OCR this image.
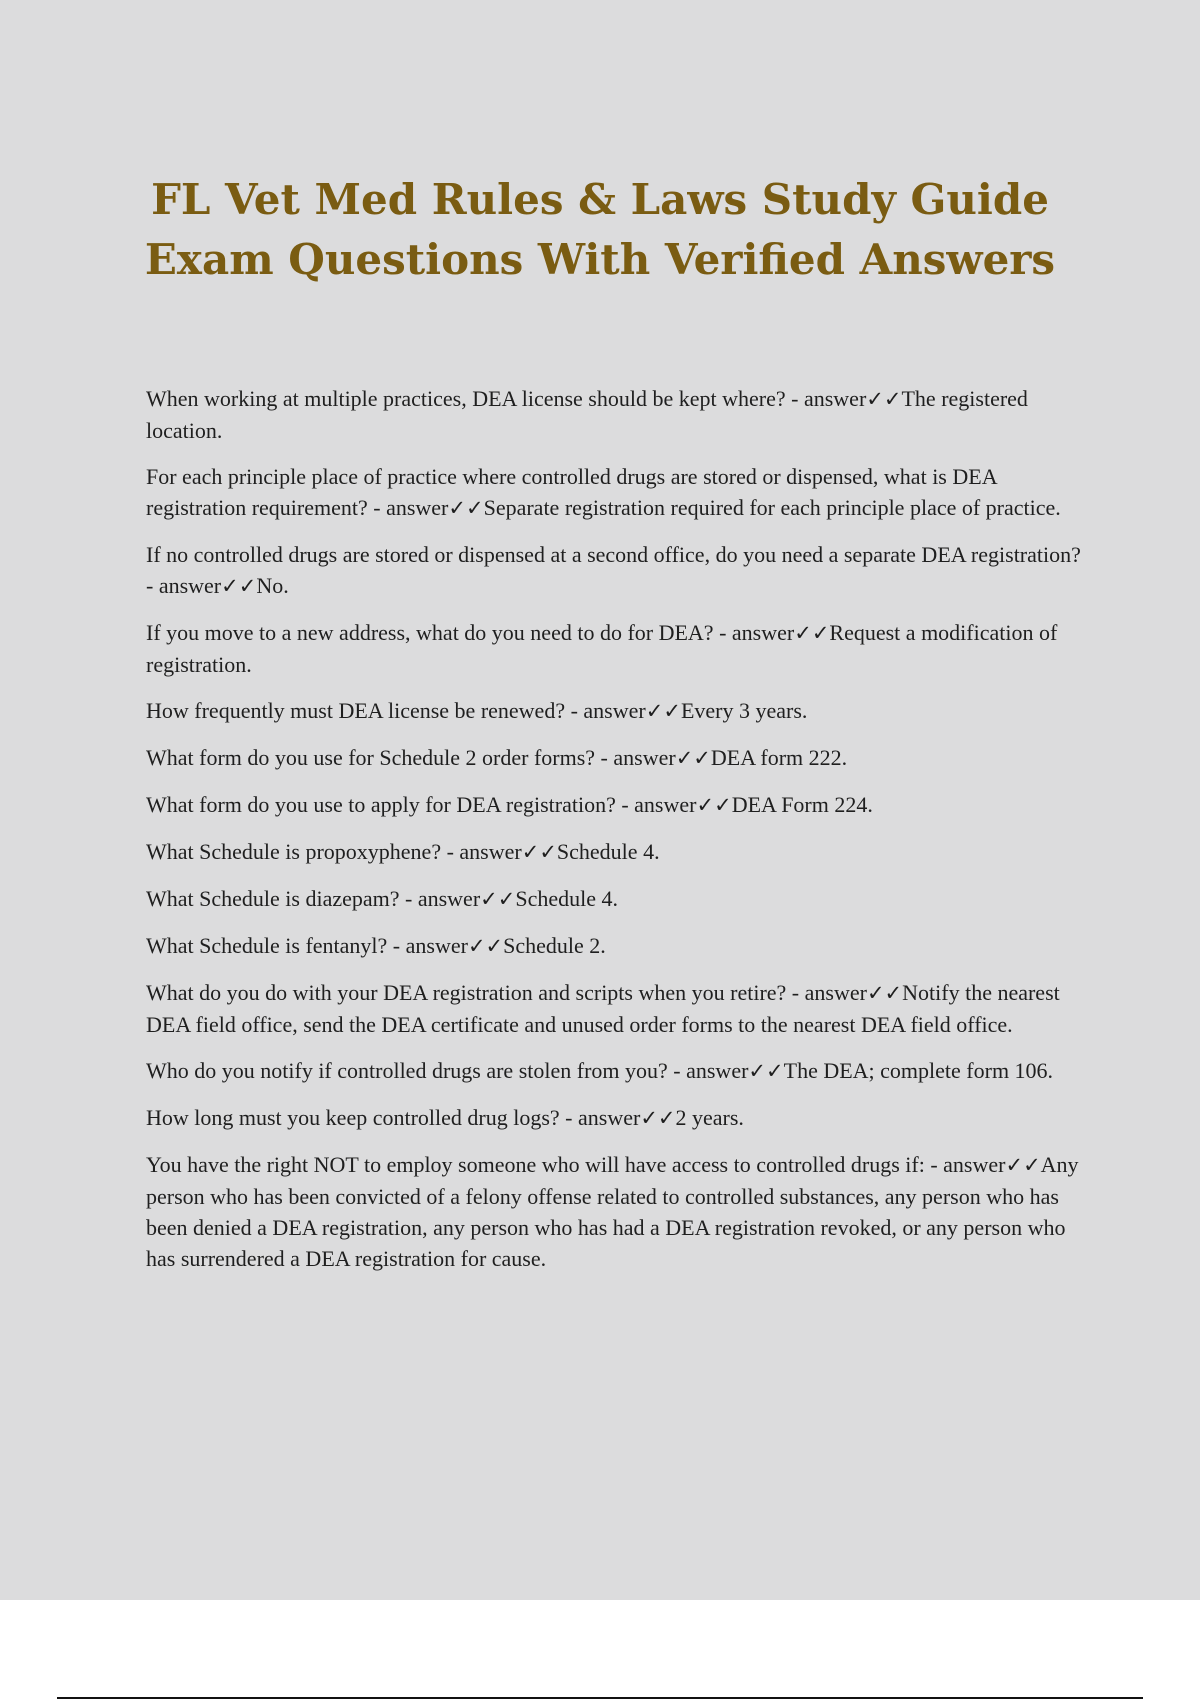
FL Vet Med Rules & Laws Study Guide
Exam Questions With Verified Answers

When working at multiple practices, DEA license should be kept where? - answer✓✓The registered location.

For each principle place of practice where controlled drugs are stored or dispensed, what is DEA registration requirement? - answer✓✓Separate registration required for each principle place of practice.

If no controlled drugs are stored or dispensed at a second office, do you need a separate DEA registration? - answer✓✓No.

If you move to a new address, what do you need to do for DEA? - answer✓✓Request a modification of registration.

How frequently must DEA license be renewed? - answer✓✓Every 3 years.

What form do you use for Schedule 2 order forms? - answer✓✓DEA form 222.

What form do you use to apply for DEA registration? - answer✓✓DEA Form 224.

What Schedule is propoxyphene? - answer✓✓Schedule 4.

What Schedule is diazepam? - answer✓✓Schedule 4.

What Schedule is fentanyl? - answer✓✓Schedule 2.

What do you do with your DEA registration and scripts when you retire? - answer✓✓Notify the nearest DEA field office, send the DEA certificate and unused order forms to the nearest DEA field office.

Who do you notify if controlled drugs are stolen from you? - answer✓✓The DEA; complete form 106.

How long must you keep controlled drug logs? - answer✓✓2 years.

You have the right NOT to employ someone who will have access to controlled drugs if: - answer✓✓Any person who has been convicted of a felony offense related to controlled substances, any person who has been denied a DEA registration, any person who has had a DEA registration revoked, or any person who has surrendered a DEA registration for cause.
